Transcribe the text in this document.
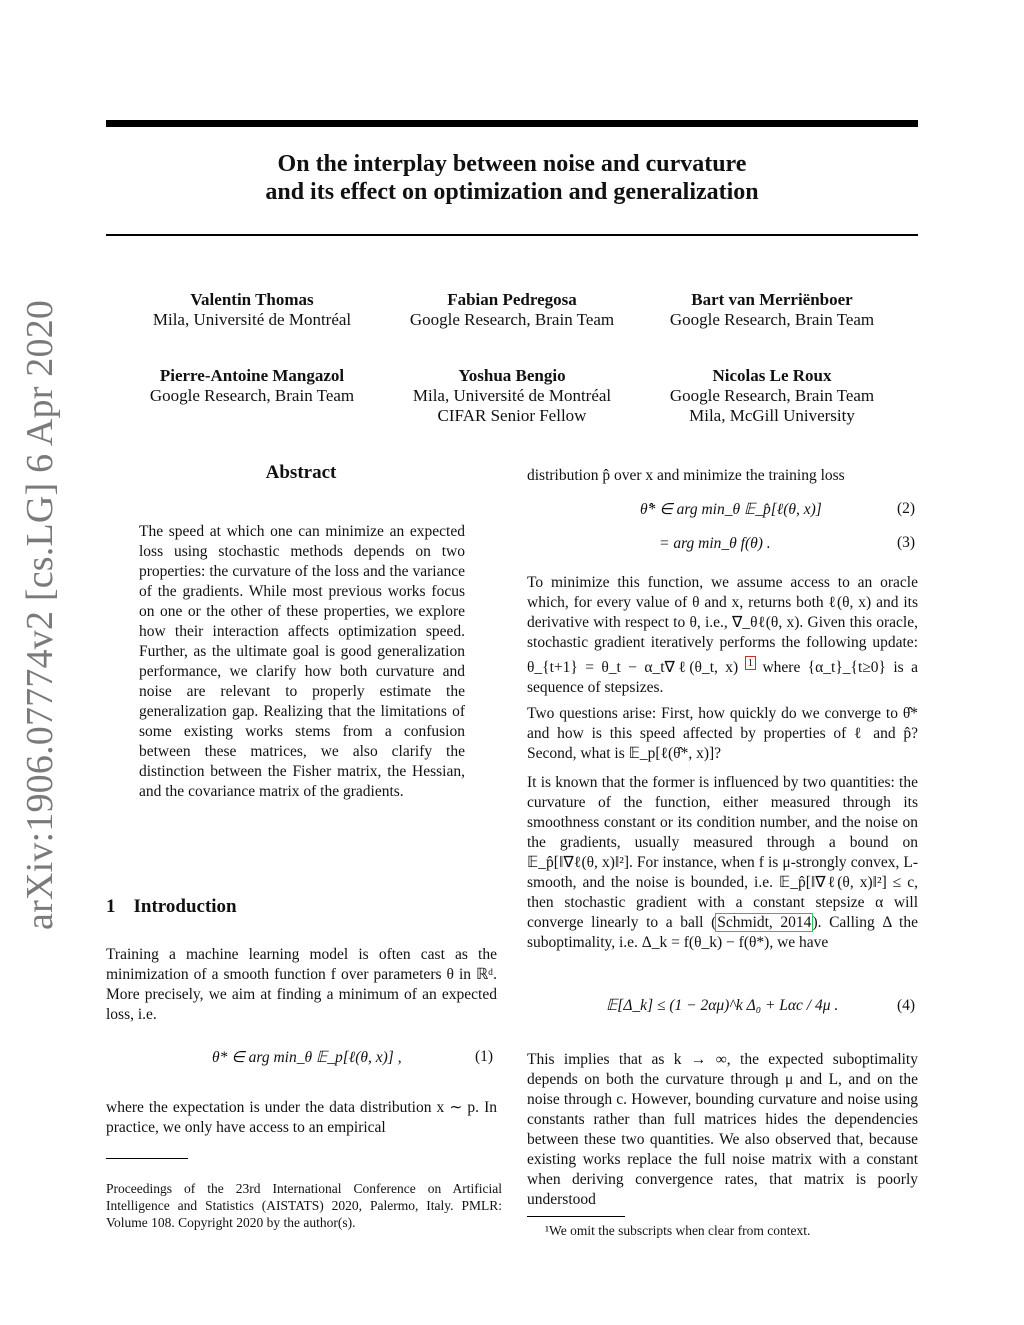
On the interplay between noise and curvature
and its effect on optimization and generalization
arXiv:1906.07774v2 [cs.LG] 6 Apr 2020
Valentin Thomas
Mila, Université de Montréal
Fabian Pedregosa
Google Research, Brain Team
Bart van Merriënboer
Google Research, Brain Team
Pierre-Antoine Mangazol
Google Research, Brain Team
Yoshua Bengio
Mila, Université de Montréal
CIFAR Senior Fellow
Nicolas Le Roux
Google Research, Brain Team
Mila, McGill University
Abstract
The speed at which one can minimize an expected loss using stochastic methods depends on two properties: the curvature of the loss and the variance of the gradients. While most previous works focus on one or the other of these properties, we explore how their interaction affects optimization speed. Further, as the ultimate goal is good generalization performance, we clarify how both curvature and noise are relevant to properly estimate the generalization gap. Realizing that the limitations of some existing works stems from a confusion between these matrices, we also clarify the distinction between the Fisher matrix, the Hessian, and the covariance matrix of the gradients.
1 Introduction
Training a machine learning model is often cast as the minimization of a smooth function f over parameters θ in ℝᵈ. More precisely, we aim at finding a minimum of an expected loss, i.e.
θ* ∈ arg min_θ 𝔼_p[ℓ(θ, x)] ,	(1)
where the expectation is under the data distribution x ∼ p. In practice, we only have access to an empirical
Proceedings of the 23rd International Conference on Artificial Intelligence and Statistics (AISTATS) 2020, Palermo, Italy. PMLR: Volume 108. Copyright 2020 by the author(s).
distribution p̂ over x and minimize the training loss
θ̂* ∈ arg min_θ 𝔼_p̂[ℓ(θ, x)]	(2)
= arg min_θ f(θ) .	(3)
To minimize this function, we assume access to an oracle which, for every value of θ and x, returns both ℓ(θ, x) and its derivative with respect to θ, i.e., ∇_θℓ(θ, x). Given this oracle, stochastic gradient iteratively performs the following update: θ_{t+1} = θ_t − α_t∇ℓ(θ_t, x) $^1$ where {α_t}_{t≥0} is a sequence of stepsizes.
Two questions arise: First, how quickly do we converge to θ̂* and how is this speed affected by properties of ℓ and p̂? Second, what is 𝔼_p[ℓ(θ̂*, x)]?
It is known that the former is influenced by two quantities: the curvature of the function, either measured through its smoothness constant or its condition number, and the noise on the gradients, usually measured through a bound on 𝔼_p̂[‖∇ℓ(θ, x)‖²]. For instance, when f is μ-strongly convex, L-smooth, and the noise is bounded, i.e. 𝔼_p̂[‖∇ℓ(θ, x)‖²] ≤ c, then stochastic gradient with a constant stepsize α will converge linearly to a ball (Schmidt, 2014). Calling Δ the suboptimality, i.e. Δ_k = f(θ_k) − f(θ*), we have
𝔼[Δ_k] ≤ (1 − 2αμ)^k Δ₀ + Lαc / 4μ .	(4)
This implies that as k → ∞, the expected suboptimality depends on both the curvature through μ and L, and on the noise through c. However, bounding curvature and noise using constants rather than full matrices hides the dependencies between these two quantities. We also observed that, because existing works replace the full noise matrix with a constant when deriving convergence rates, that matrix is poorly understood
¹We omit the subscripts when clear from context.
